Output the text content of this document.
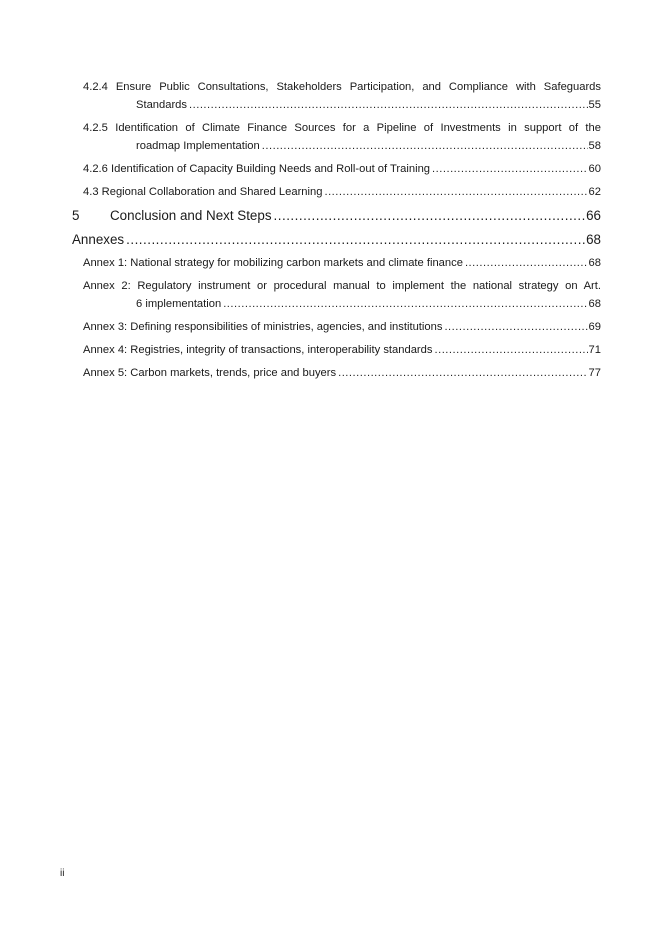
4.2.4 Ensure Public Consultations, Stakeholders Participation, and Compliance with Safeguards
Standards .....	55
4.2.5 Identification of Climate Finance Sources for a Pipeline of Investments in support of the
roadmap Implementation .....	58
4.2.6 Identification of Capacity Building Needs and Roll-out of Training .....	60
4.3 Regional Collaboration and Shared Learning .....	62
5 Conclusion and Next Steps .....	66
Annexes .....	68
Annex 1: National strategy for mobilizing carbon markets and climate finance .....	68
Annex 2: Regulatory instrument or procedural manual to implement the national strategy on Art.
6 implementation .....	68
Annex 3: Defining responsibilities of ministries, agencies, and institutions .....	69
Annex 4: Registries, integrity of transactions, interoperability standards .....	71
Annex 5: Carbon markets, trends, price and buyers .....	77
ii
